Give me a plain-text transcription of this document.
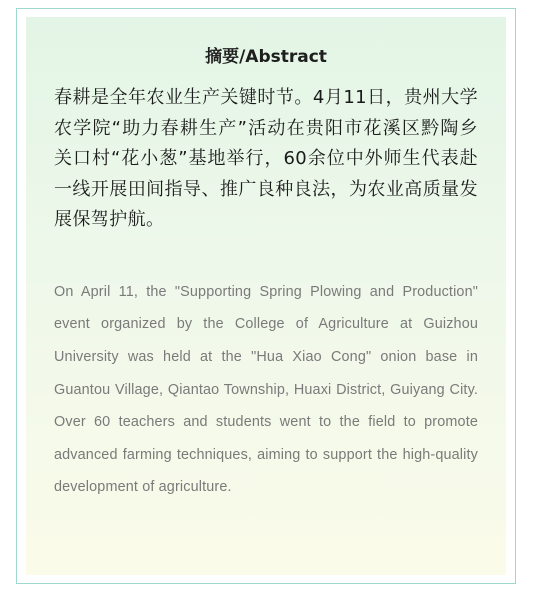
摘要/Abstract

春耕是全年农业生产关键时节。4月11日，贵州大学农学院“助力春耕生产”活动在贵阳市花溪区黔陶乡关口村“花小葱”基地举行，60余位中外师生代表赴一线开展田间指导、推广良种良法，为农业高质量发展保驾护航。

On April 11, the "Supporting Spring Plowing and Production" event organized by the College of Agriculture at Guizhou University was held at the "Hua Xiao Cong" onion base in Guantou Village, Qiantao Township, Huaxi District, Guiyang City. Over 60 teachers and students went to the field to promote advanced farming techniques, aiming to support the high-quality development of agriculture.
